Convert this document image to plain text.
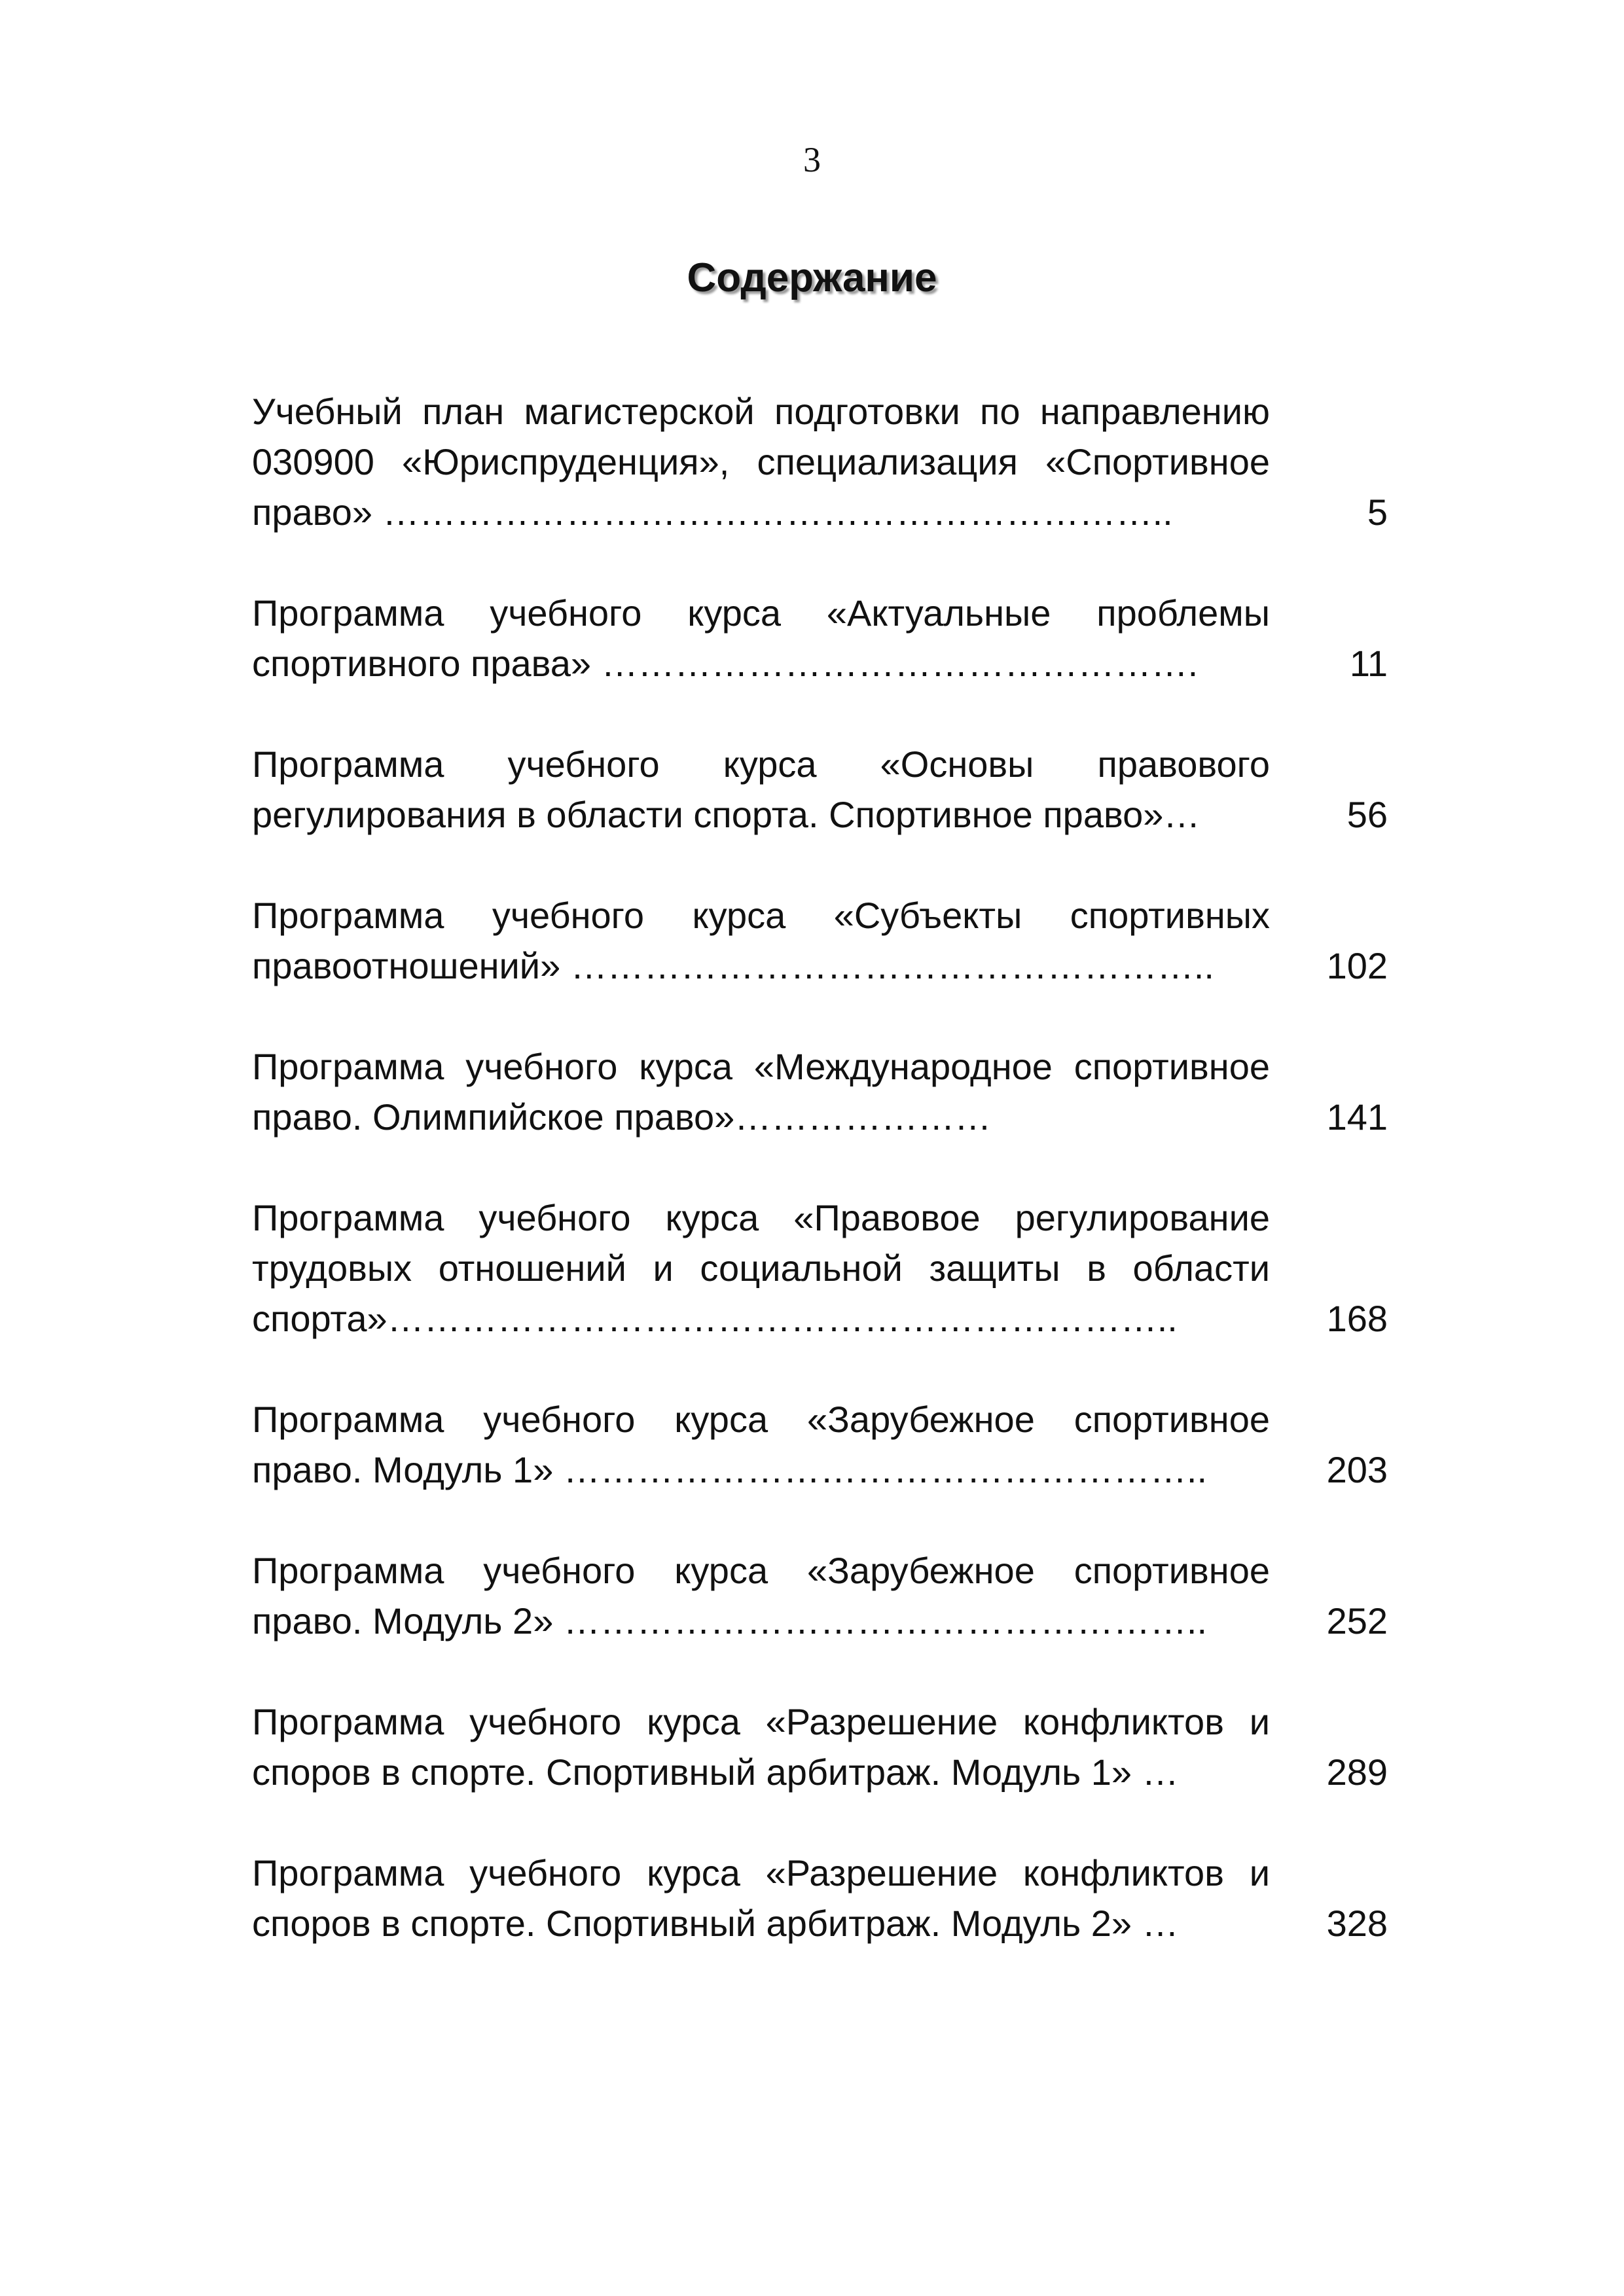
3
Содержание
Учебный план магистерской подготовки по направлению 030900 «Юриспруденция», специализация «Спортивное право» ………………………………………………………..	5
Программа учебного курса «Актуальные проблемы спортивного права» ………………………………………….	11
Программа учебного курса «Основы правового регулирования в области спорта. Спортивное право»…	56
Программа учебного курса «Субъекты спортивных правоотношений» ……………………………………………..	102
Программа учебного курса «Международное спортивное право. Олимпийское право»…………………	141
Программа учебного курса «Правовое регулирование трудовых отношений и социальной защиты в области спорта»………………………………………………………..	168
Программа учебного курса «Зарубежное спортивное право. Модуль 1» ……………………………………………..	203
Программа учебного курса «Зарубежное спортивное право. Модуль 2» ……………………………………………..	252
Программа учебного курса «Разрешение конфликтов и споров в спорте. Спортивный арбитраж. Модуль 1» …	289
Программа учебного курса «Разрешение конфликтов и споров в спорте. Спортивный арбитраж. Модуль 2» …	328
